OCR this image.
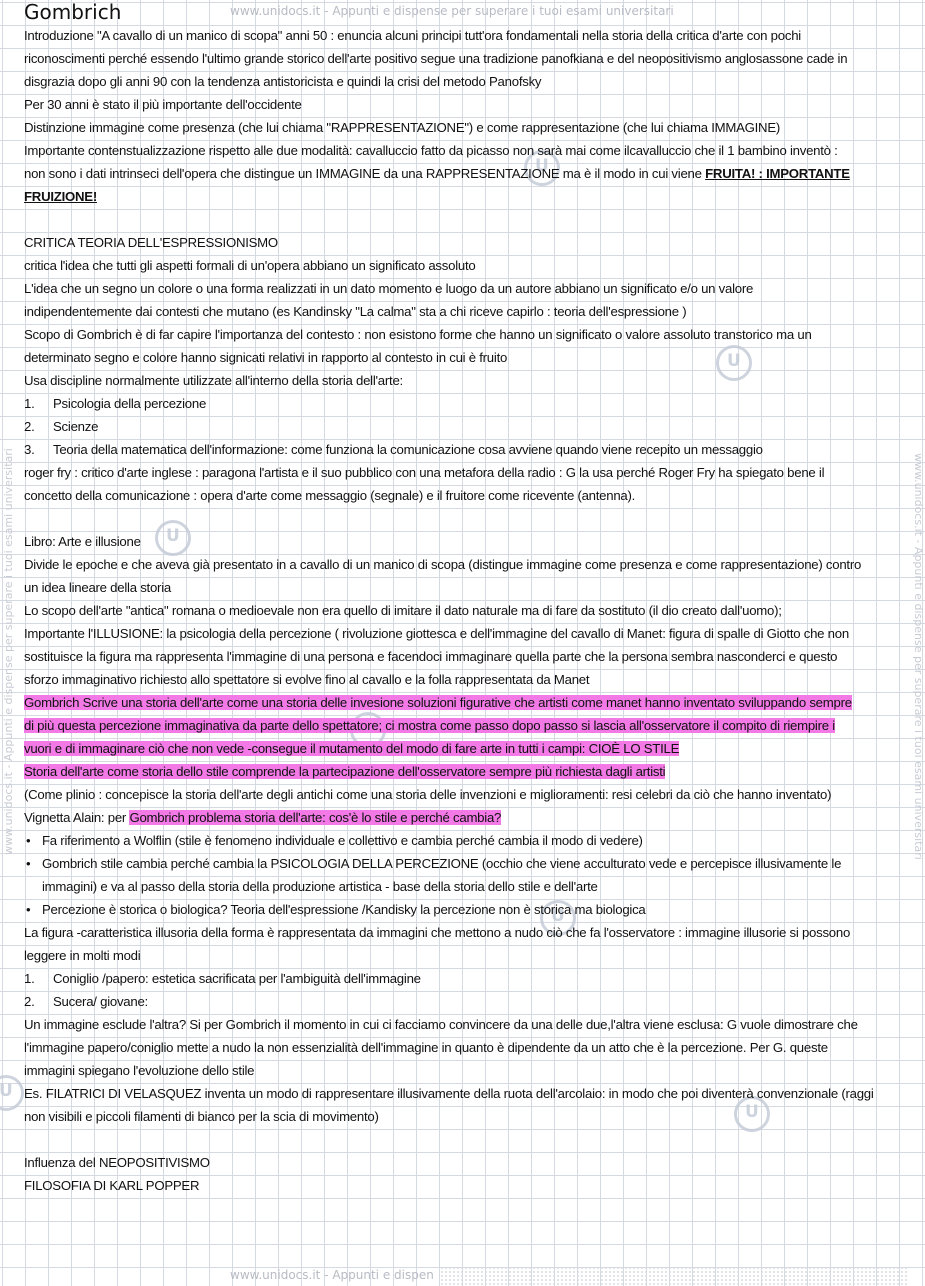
www.unidocs.it - Appunti e dispense per superare i tuoi esami universitari
www.unidocs.it - Appunti e dispense per superare i tuoi esami universitari	www.unidocs.it - Appunti e dispense per superare i tuoi esami universitari
www.unidocs.it - Appunti e dispen
U
U
U
U
U
U
U
Gombrich
Introduzione "A cavallo di un manico di scopa" anni 50 : enuncia alcuni principi tutt'ora fondamentali nella storia della critica d'arte con pochi
riconoscimenti perché essendo l'ultimo grande storico dell'arte positivo segue una tradizione panofkiana e del neopositivismo anglosassone cade in
disgrazia dopo gli anni 90 con la tendenza antistoricista e quindi la crisi del metodo Panofsky
Per 30 anni è stato il più importante dell'occidente
Distinzione immagine come presenza (che lui chiama "RAPPRESENTAZIONE") e come rappresentazione (che lui chiama IMMAGINE)
Importante contenstualizzazione rispetto alle due modalità: cavalluccio fatto da picasso non sarà mai come ilcavalluccio che il 1 bambino inventò :
non sono i dati intrinseci dell'opera che distingue un IMMAGINE da una RAPPRESENTAZIONE ma è il modo in cui viene FRUITA! : IMPORTANTE
FRUIZIONE!
CRITICA TEORIA DELL'ESPRESSIONISMO
critica l'idea che tutti gli aspetti formali di un'opera abbiano un significato assoluto
L'idea che un segno un colore o una forma realizzati in un dato momento e luogo da un autore abbiano un significato e/o un valore
indipendentemente dai contesti che mutano (es Kandinsky "La calma" sta a chi riceve capirlo : teoria dell'espressione )
Scopo di Gombrich è di far capire l'importanza del contesto : non esistono forme che hanno un significato o valore assoluto transtorico ma un
determinato segno e colore hanno signicati relativi in rapporto al contesto in cui è fruito
Usa discipline normalmente utilizzate all'interno della storia dell'arte:
1. Psicologia della percezione
2. Scienze
3. Teoria della matematica dell'informazione: come funziona la comunicazione cosa avviene quando viene recepito un messaggio
roger fry : critico d'arte inglese : paragona l'artista e il suo pubblico con una metafora della radio : G la usa perché Roger Fry ha spiegato bene il
concetto della comunicazione : opera d'arte come messaggio (segnale) e il fruitore come ricevente (antenna).
Libro: Arte e illusione
Divide le epoche e che aveva già presentato in a cavallo di un manico di scopa (distingue immagine come presenza e come rappresentazione) contro
un idea lineare della storia
Lo scopo dell'arte "antica" romana o medioevale non era quello di imitare il dato naturale ma di fare da sostituto (il dio creato dall'uomo);
Importante l'ILLUSIONE: la psicologia della percezione ( rivoluzione giottesca e dell'immagine del cavallo di Manet: figura di spalle di Giotto che non
sostituisce la figura ma rappresenta l'immagine di una persona e facendoci immaginare quella parte che la persona sembra nasconderci e questo
sforzo immaginativo richiesto allo spettatore si evolve fino al cavallo e la folla rappresentata da Manet
Gombrich Scrive una storia dell'arte come una storia delle invesione soluzioni figurative che artisti come manet hanno inventato sviluppando sempre
di più questa percezione immaginativa da parte dello spettatore; ci mostra come passo dopo passo si lascia all'osservatore il compito di riempire i
vuori e di immaginare ciò che non vede -consegue il mutamento del modo di fare arte in tutti i campi: CIOÈ LO STILE
Storia dell'arte come storia dello stile comprende la partecipazione dell'osservatore sempre più richiesta dagli artisti
(Come plinio : concepisce la storia dell'arte degli antichi come una storia delle invenzioni e miglioramenti: resi celebri da ciò che hanno inventato)
Vignetta Alain: per Gombrich problema storia dell'arte: cos'è lo stile e perché cambia?
• Fa riferimento a Wolflin (stile è fenomeno individuale e collettivo e cambia perché cambia il modo di vedere)
• Gombrich stile cambia perché cambia la PSICOLOGIA DELLA PERCEZIONE (occhio che viene acculturato vede e percepisce illusivamente le
immagini) e va al passo della storia della produzione artistica - base della storia dello stile e dell'arte
• Percezione è storica o biologica? Teoria dell'espressione /Kandisky la percezione non è storica ma biologica
La figura -caratteristica illusoria della forma è rappresentata da immagini che mettono a nudo ciò che fa l'osservatore : immagine illusorie si possono
leggere in molti modi
1. Coniglio /papero: estetica sacrificata per l'ambiguità dell'immagine
2. Sucera/ giovane:
Un immagine esclude l'altra? Si per Gombrich il momento in cui ci facciamo convincere da una delle due,l'altra viene esclusa: G vuole dimostrare che
l'immagine papero/coniglio mette a nudo la non essenzialità dell'immagine in quanto è dipendente da un atto che è la percezione. Per G. queste
immagini spiegano l'evoluzione dello stile
Es. FILATRICI DI VELASQUEZ inventa un modo di rappresentare illusivamente della ruota dell'arcolaio: in modo che poi diventerà convenzionale (raggi
non visibili e piccoli filamenti di bianco per la scia di movimento)
Influenza del NEOPOSITIVISMO
FILOSOFIA DI KARL POPPER
